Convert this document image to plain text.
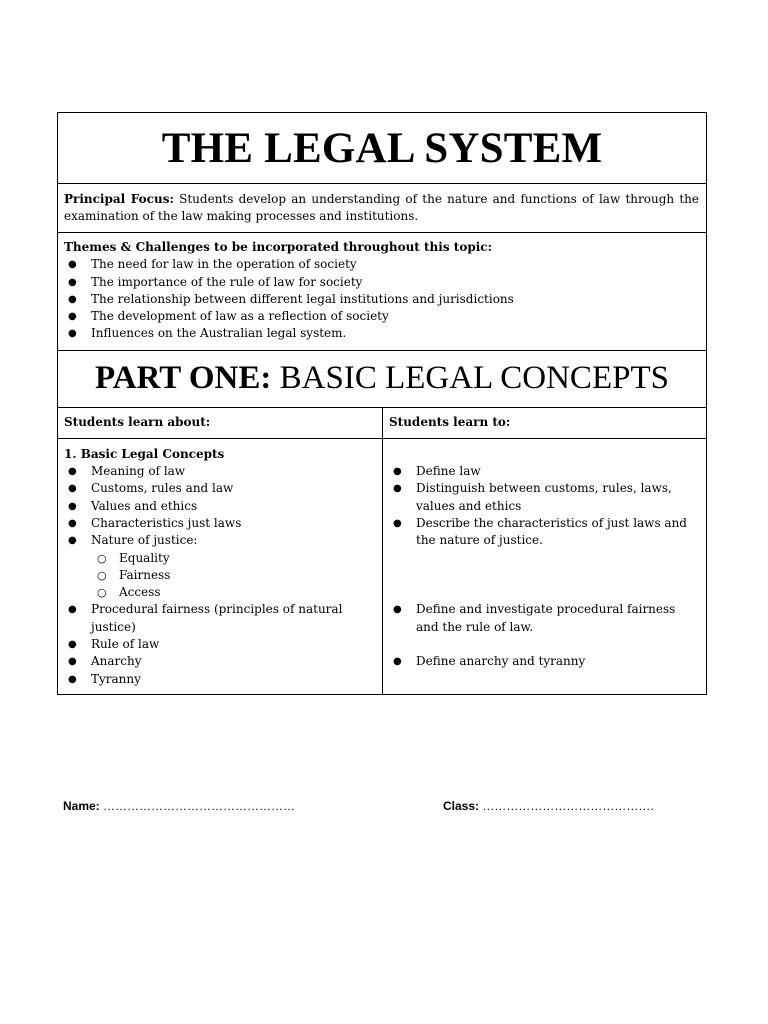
THE LEGAL SYSTEM
Principal Focus: Students develop an understanding of the nature and functions of law through the examination of the law making processes and institutions.
Themes & Challenges to be incorporated throughout this topic:
● The need for law in the operation of society
● The importance of the rule of law for society
● The relationship between different legal institutions and jurisdictions
● The development of law as a reflection of society
● Influences on the Australian legal system.
PART ONE: BASIC LEGAL CONCEPTS
Students learn about:	Students learn to:
1. Basic Legal Concepts
● Meaning of law
● Customs, rules and law
● Values and ethics
● Characteristics just laws
● Nature of justice:
○ Equality
○ Fairness
○ Access
● Procedural fairness (principles of natural justice)
● Rule of law
● Anarchy
● Tyranny
● Define law
● Distinguish between customs, rules, laws, values and ethics
● Describe the characteristics of just laws and the nature of justice.
● Define and investigate procedural fairness and the rule of law.
● Define anarchy and tyranny
Name: …………………………………………	Class: …………………………………….
